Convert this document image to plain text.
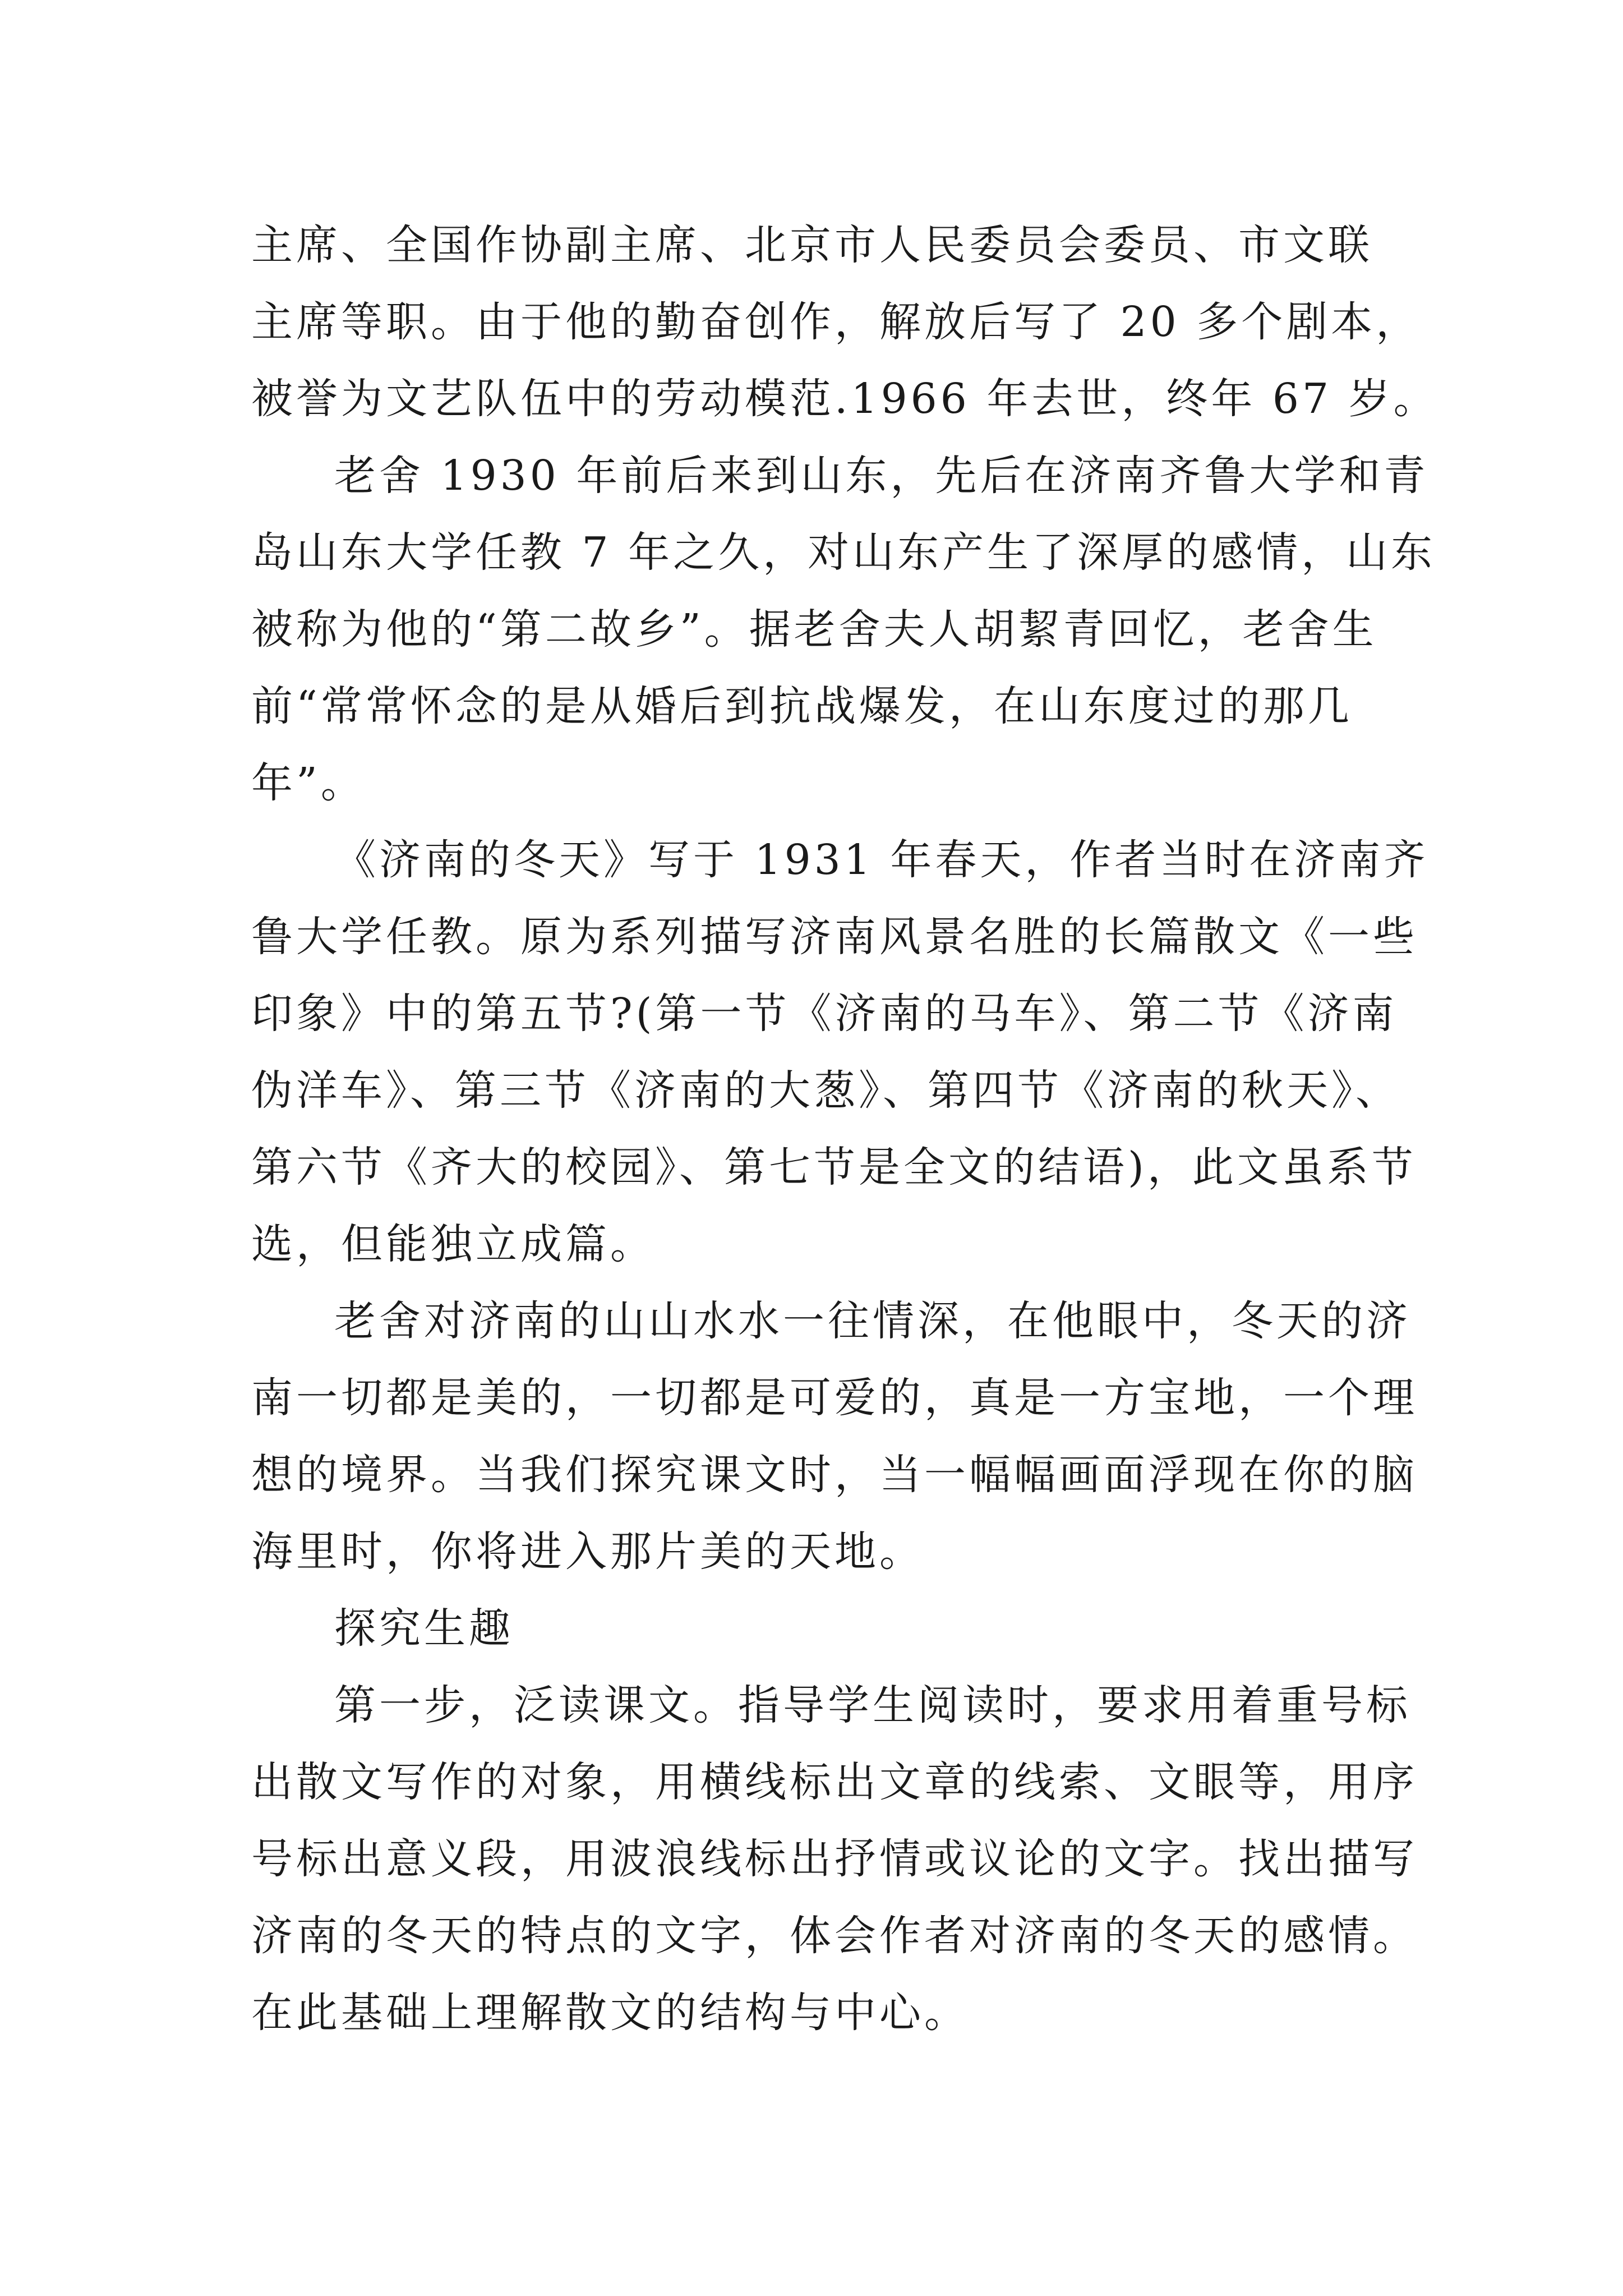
主席、全国作协副主席、北京市人民委员会委员、市文联
主席等职。由于他的勤奋创作，解放后写了 20 多个剧本，
被誉为文艺队伍中的劳动模范.1966 年去世，终年 67 岁。
老舍 1930 年前后来到山东，先后在济南齐鲁大学和青
岛山东大学任教 7 年之久，对山东产生了深厚的感情，山东
被称为他的“第二故乡”。据老舍夫人胡絜青回忆，老舍生
前“常常怀念的是从婚后到抗战爆发，在山东度过的那几
年”。
《济南的冬天》写于 1931 年春天，作者当时在济南齐
鲁大学任教。原为系列描写济南风景名胜的长篇散文《一些
印象》中的第五节?(第一节《济南的马车》、第二节《济南
伪洋车》、第三节《济南的大葱》、第四节《济南的秋天》、
第六节《齐大的校园》、第七节是全文的结语)，此文虽系节
选，但能独立成篇。
老舍对济南的山山水水一往情深，在他眼中，冬天的济
南一切都是美的，一切都是可爱的，真是一方宝地，一个理
想的境界。当我们探究课文时，当一幅幅画面浮现在你的脑
海里时，你将进入那片美的天地。
探究生趣
第一步，泛读课文。指导学生阅读时，要求用着重号标
出散文写作的对象，用横线标出文章的线索、文眼等，用序
号标出意义段，用波浪线标出抒情或议论的文字。找出描写
济南的冬天的特点的文字，体会作者对济南的冬天的感情。
在此基础上理解散文的结构与中心。
